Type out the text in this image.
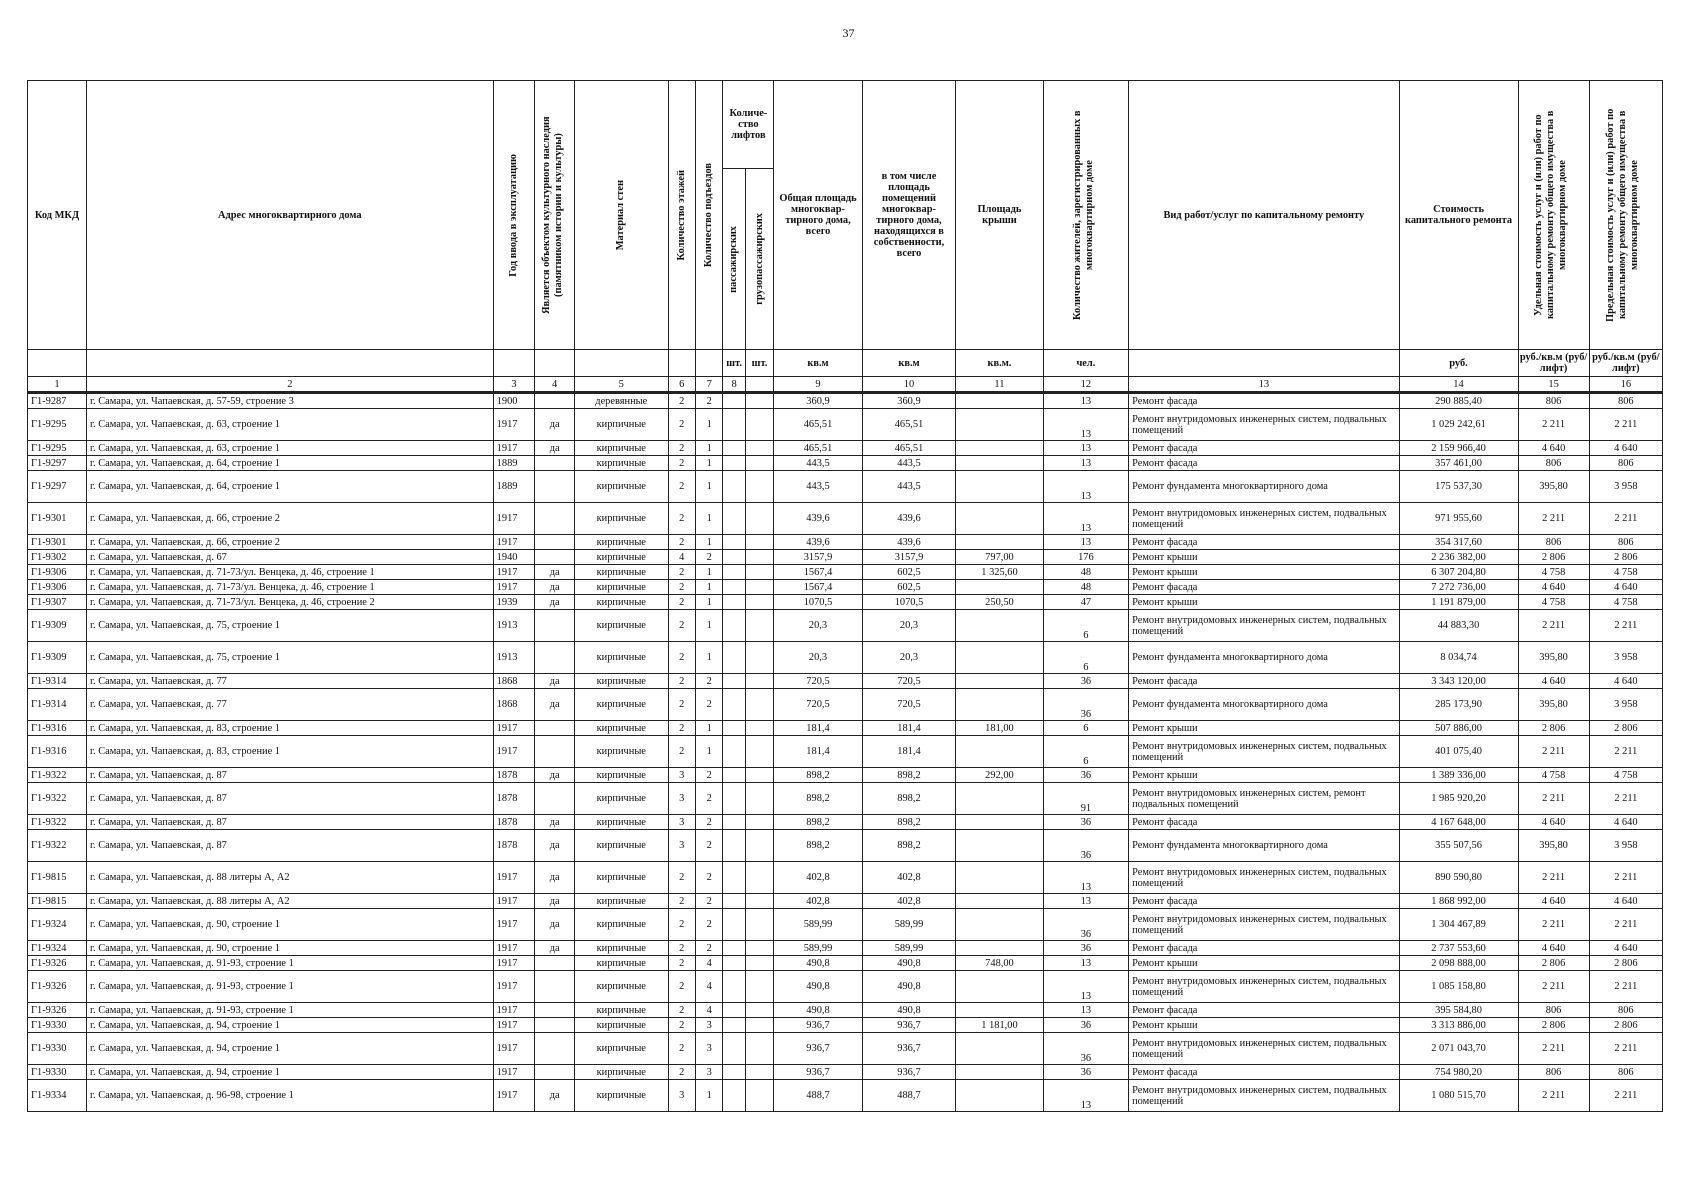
37
Код МКД	Адрес многоквартирного дома	Год ввода в эксплуатацию	Является объектом культурного наследия (памятником истории и культуры)	Материал стен	Количество этажей	Количество подъездов	Количе-ство лифтов		Общая площадь многоквар-тирного дома, всего	в том числе площадь помещений многоквар-тирного дома, находящихся в собственности, всего	Площадь крыши	Количество жителей, зарегистрированных в многоквартирном доме	Вид работ/услуг по капитальному ремонту	Стоимость капитального ремонта	Удельная стоимость услуг и (или) работ по капитальному ремонту общего имущества в многоквартирном доме	Предельная стоимость услуг и (или) работ по капитальному ремонту общего имущества в многоквартирном доме

							пассажирских	грузопассажирских								

							шт.	шт.	кв.м	кв.м	кв.м.	чел.		руб.	руб./кв.м (руб/лифт)	руб./кв.м (руб/лифт)
1	2	3	4	5	6	7	8		9	10	11	12	13	14	15	16
Г1-9287	г. Самара, ул. Чапаевская, д. 57-59, строение 3	1900		деревянные	2	2			360,9	360,9		13	Ремонт фасада	290 885,40	806	806
Г1-9295	г. Самара, ул. Чапаевская, д. 63, строение 1	1917	да	кирпичные	2	1			465,51	465,51		13	Ремонт внутридомовых инженерных систем, подвальных помещений	1 029 242,61	2 211	2 211
Г1-9295	г. Самара, ул. Чапаевская, д. 63, строение 1	1917	да	кирпичные	2	1			465,51	465,51		13	Ремонт фасада	2 159 966,40	4 640	4 640
Г1-9297	г. Самара, ул. Чапаевская, д. 64, строение 1	1889		кирпичные	2	1			443,5	443,5		13	Ремонт фасада	357 461,00	806	806
Г1-9297	г. Самара, ул. Чапаевская, д. 64, строение 1	1889		кирпичные	2	1			443,5	443,5		13	Ремонт фундамента многоквартирного дома	175 537,30	395,80	3 958
Г1-9301	г. Самара, ул. Чапаевская, д. 66, строение 2	1917		кирпичные	2	1			439,6	439,6		13	Ремонт внутридомовых инженерных систем, подвальных помещений	971 955,60	2 211	2 211
Г1-9301	г. Самара, ул. Чапаевская, д. 66, строение 2	1917		кирпичные	2	1			439,6	439,6		13	Ремонт фасада	354 317,60	806	806
Г1-9302	г. Самара, ул. Чапаевская, д. 67	1940		кирпичные	4	2			3157,9	3157,9	797,00	176	Ремонт крыши	2 236 382,00	2 806	2 806
Г1-9306	г. Самара, ул. Чапаевская, д. 71-73/ул. Венцека, д. 46, строение 1	1917	да	кирпичные	2	1			1567,4	602,5	1 325,60	48	Ремонт крыши	6 307 204,80	4 758	4 758
Г1-9306	г. Самара, ул. Чапаевская, д. 71-73/ул. Венцека, д. 46, строение 1	1917	да	кирпичные	2	1			1567,4	602,5		48	Ремонт фасада	7 272 736,00	4 640	4 640
Г1-9307	г. Самара, ул. Чапаевская, д. 71-73/ул. Венцека, д. 46, строение 2	1939	да	кирпичные	2	1			1070,5	1070,5	250,50	47	Ремонт крыши	1 191 879,00	4 758	4 758
Г1-9309	г. Самара, ул. Чапаевская, д. 75, строение 1	1913		кирпичные	2	1			20,3	20,3		6	Ремонт внутридомовых инженерных систем, подвальных помещений	44 883,30	2 211	2 211
Г1-9309	г. Самара, ул. Чапаевская, д. 75, строение 1	1913		кирпичные	2	1			20,3	20,3		6	Ремонт фундамента многоквартирного дома	8 034,74	395,80	3 958
Г1-9314	г. Самара, ул. Чапаевская, д. 77	1868	да	кирпичные	2	2			720,5	720,5		36	Ремонт фасада	3 343 120,00	4 640	4 640
Г1-9314	г. Самара, ул. Чапаевская, д. 77	1868	да	кирпичные	2	2			720,5	720,5		36	Ремонт фундамента многоквартирного дома	285 173,90	395,80	3 958
Г1-9316	г. Самара, ул. Чапаевская, д. 83, строение 1	1917		кирпичные	2	1			181,4	181,4	181,00	6	Ремонт крыши	507 886,00	2 806	2 806
Г1-9316	г. Самара, ул. Чапаевская, д. 83, строение 1	1917		кирпичные	2	1			181,4	181,4		6	Ремонт внутридомовых инженерных систем, подвальных помещений	401 075,40	2 211	2 211
Г1-9322	г. Самара, ул. Чапаевская, д. 87	1878	да	кирпичные	3	2			898,2	898,2	292,00	36	Ремонт крыши	1 389 336,00	4 758	4 758
Г1-9322	г. Самара, ул. Чапаевская, д. 87	1878		кирпичные	3	2			898,2	898,2		91	Ремонт внутридомовых инженерных систем, ремонт подвальных помещений	1 985 920,20	2 211	2 211
Г1-9322	г. Самара, ул. Чапаевская, д. 87	1878	да	кирпичные	3	2			898,2	898,2		36	Ремонт фасада	4 167 648,00	4 640	4 640
Г1-9322	г. Самара, ул. Чапаевская, д. 87	1878	да	кирпичные	3	2			898,2	898,2		36	Ремонт фундамента многоквартирного дома	355 507,56	395,80	3 958
Г1-9815	г. Самара, ул. Чапаевская, д. 88 литеры А, А2	1917	да	кирпичные	2	2			402,8	402,8		13	Ремонт внутридомовых инженерных систем, подвальных помещений	890 590,80	2 211	2 211
Г1-9815	г. Самара, ул. Чапаевская, д. 88 литеры А, А2	1917	да	кирпичные	2	2			402,8	402,8		13	Ремонт фасада	1 868 992,00	4 640	4 640
Г1-9324	г. Самара, ул. Чапаевская, д. 90, строение 1	1917	да	кирпичные	2	2			589,99	589,99		36	Ремонт внутридомовых инженерных систем, подвальных помещений	1 304 467,89	2 211	2 211
Г1-9324	г. Самара, ул. Чапаевская, д. 90, строение 1	1917	да	кирпичные	2	2			589,99	589,99		36	Ремонт фасада	2 737 553,60	4 640	4 640
Г1-9326	г. Самара, ул. Чапаевская, д. 91-93, строение 1	1917		кирпичные	2	4			490,8	490,8	748,00	13	Ремонт крыши	2 098 888,00	2 806	2 806
Г1-9326	г. Самара, ул. Чапаевская, д. 91-93, строение 1	1917		кирпичные	2	4			490,8	490,8		13	Ремонт внутридомовых инженерных систем, подвальных помещений	1 085 158,80	2 211	2 211
Г1-9326	г. Самара, ул. Чапаевская, д. 91-93, строение 1	1917		кирпичные	2	4			490,8	490,8		13	Ремонт фасада	395 584,80	806	806
Г1-9330	г. Самара, ул. Чапаевская, д. 94, строение 1	1917		кирпичные	2	3			936,7	936,7	1 181,00	36	Ремонт крыши	3 313 886,00	2 806	2 806
Г1-9330	г. Самара, ул. Чапаевская, д. 94, строение 1	1917		кирпичные	2	3			936,7	936,7		36	Ремонт внутридомовых инженерных систем, подвальных помещений	2 071 043,70	2 211	2 211
Г1-9330	г. Самара, ул. Чапаевская, д. 94, строение 1	1917		кирпичные	2	3			936,7	936,7		36	Ремонт фасада	754 980,20	806	806
Г1-9334	г. Самара, ул. Чапаевская, д. 96-98, строение 1	1917	да	кирпичные	3	1			488,7	488,7		13	Ремонт внутридомовых инженерных систем, подвальных помещений	1 080 515,70	2 211	2 211
